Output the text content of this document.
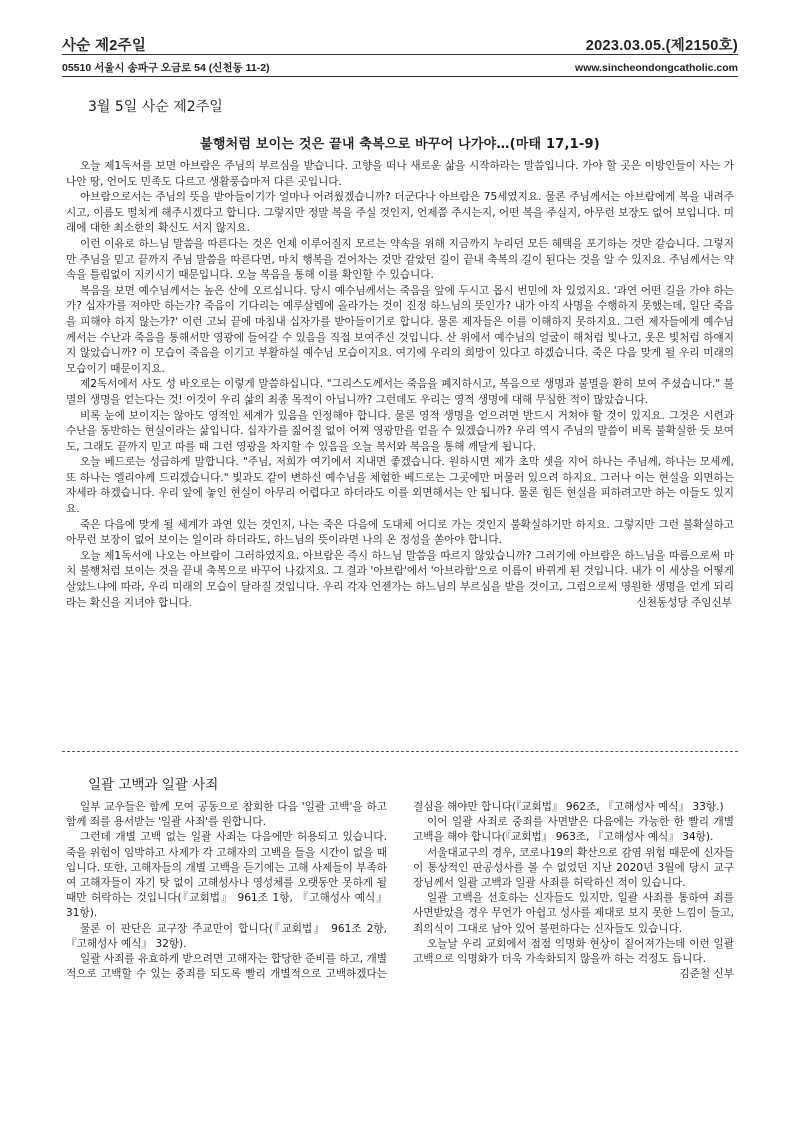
사순 제2주일	2023.03.05.(제2150호)
05510 서울시 송파구 오금로 54 (신천동 11-2)	www.sincheondongcatholic.com
3월 5일 사순 제2주일
불행처럼 보이는 것은 끝내 축복으로 바꾸어 나가야…(마태 17,1-9)

오늘 제1독서를 보면 아브람은 주님의 부르심을 받습니다. 고향을 떠나 새로운 삶을 시작하라는 말씀입니다. 가야 할 곳은 이방인들이 사는 가나안 땅, 언어도 민족도 다르고 생활풍습마저 다른 곳입니다.

아브람으로서는 주님의 뜻을 받아들이기가 얼마나 어려웠겠습니까? 더군다나 아브람은 75세였지요. 물론 주님께서는 아브람에게 복을 내려주시고, 이름도 떨치게 해주시겠다고 합니다. 그렇지만 정말 복을 주실 것인지, 언제쯤 주시는지, 어떤 복을 주실지, 아무런 보장도 없어 보입니다. 미래에 대한 최소한의 확신도 서지 않지요.

이런 이유로 하느님 말씀을 따른다는 것은 언제 이루어질지 모르는 약속을 위해 지금까지 누리던 모든 혜택을 포기하는 것만 같습니다. 그렇지만 주님을 믿고 끝까지 주님 말씀을 따른다면, 마치 행복을 걷어차는 것만 같았던 길이 끝내 축복의 길이 된다는 것을 알 수 있지요. 주님께서는 약속을 틀림없이 지키시기 때문입니다. 오늘 복음을 통해 이를 확인할 수 있습니다.

복음을 보면 예수님께서는 높은 산에 오르십니다. 당시 예수님께서는 죽음을 앞에 두시고 몹시 번민에 차 있었지요. '과연 어떤 길을 가야 하는가? 십자가를 져야만 하는가? 죽음이 기다리는 예루살렘에 올라가는 것이 진정 하느님의 뜻인가? 내가 아직 사명을 수행하지 못했는데, 일단 죽음을 피해야 하지 않는가?' 이런 고뇌 끝에 마침내 십자가를 받아들이기로 합니다. 물론 제자들은 이를 이해하지 못하지요. 그런 제자들에게 예수님께서는 수난과 죽음을 통해서만 영광에 들어갈 수 있음을 직접 보여주신 것입니다. 산 위에서 예수님의 얼굴이 해처럼 빛나고, 옷은 빛처럼 하얘지지 않았습니까? 이 모습이 죽음을 이기고 부활하실 예수님 모습이지요. 여기에 우리의 희망이 있다고 하겠습니다. 죽은 다음 맞게 될 우리 미래의 모습이기 때문이지요.

제2독서에서 사도 성 바오로는 이렇게 말씀하십니다. "그리스도께서는 죽음을 폐지하시고, 복음으로 생명과 불멸을 환히 보여 주셨습니다." 불멸의 생명을 얻는다는 것! 이것이 우리 삶의 최종 목적이 아닙니까? 그런데도 우리는 영적 생명에 대해 무심한 적이 많았습니다.

비록 눈에 보이지는 않아도 영적인 세계가 있음을 인정해야 합니다. 물론 영적 생명을 얻으려면 반드시 거쳐야 할 것이 있지요. 그것은 시련과 수난을 동반하는 현실이라는 삶입니다. 십자가를 짊어질 없이 어찌 영광만을 얻을 수 있겠습니까? 우리 역시 주님의 말씀이 비록 불확실한 듯 보여도, 그래도 끝까지 믿고 따를 때 그런 영광을 차지할 수 있음을 오늘 복서와 복음을 통해 깨달게 됩니다.

오늘 베드로는 성급하게 말합니다. "주님, 저희가 여기에서 지내면 좋겠습니다. 원하시면 제가 초막 셋을 지어 하나는 주님께, 하나는 모세께, 또 하나는 엘리야께 드리겠습니다." 빛과도 같이 변하신 예수님을 체험한 베드로는 그곳에만 머물러 있으려 하지요. 그러나 이는 현실을 외면하는 자세라 하겠습니다. 우리 앞에 놓인 현실이 아무리 어렵다고 하더라도 이를 외면해서는 안 됩니다. 물론 힘든 현실을 피하려고만 하는 이들도 있지요.

죽은 다음에 맞게 될 세계가 과연 있는 것인지, 나는 죽은 다음에 도대체 어디로 가는 것인지 불확실하기만 하지요. 그렇지만 그런 불확실하고 아무런 보장이 없어 보이는 일이라 하더라도, 하느님의 뜻이라면 나의 온 정성을 쏟아야 합니다.

오늘 제1독서에 나오는 아브람이 그러하였지요. 아브람은 즉시 하느님 말씀을 따르지 않았습니까? 그러기에 아브람은 하느님을 따름으로써 마치 불행처럼 보이는 것을 끝내 축복으로 바꾸어 나갔지요. 그 결과 '아브람'에서 '아브라함'으로 이름이 바뀌게 된 것입니다. 내가 이 세상을 어떻게 살았느냐에 따라, 우리 미래의 모습이 달라질 것입니다. 우리 각자 언젠가는 하느님의 부르심을 받을 것이고, 그럼으로써 영원한 생명을 얻게 되리라는 확신을 지녀야 합니다.	신천동성당 주임신부

일괄 고백과 일괄 사죄

일부 교우들은 함께 모여 공동으로 참회한 다음 '일괄 고백'을 하고 함께 죄를 용서받는 '일괄 사죄'를 원합니다.

그런데 개별 고백 없는 일괄 사죄는 다음에만 허용되고 있습니다. 죽을 위험이 임박하고 사제가 각 고해자의 고백을 들을 시간이 없을 때입니다. 또한, 고해자들의 개별 고백을 듣기에는 고해 사제들이 부족하여 고해자들이 자기 탓 없이 고해성사나 영성체를 오랫동안 못하게 될 때만 허락하는 것입니다(『교회법』 961조 1항, 『고해성사 예식』 31항).

물론 이 판단은 교구장 주교만이 합니다(『교회법』 961조 2항, 『고해성사 예식』 32항).

일괄 사죄를 유효하게 받으려면 고해자는 합당한 준비를 하고, 개별적으로 고백할 수 있는 중죄를 되도록 빨리 개별적으로 고백하겠다는 결심을 해야만 합니다(『교회법』 962조, 『고해성사 예식』 33항.)

이어 일괄 사죄로 중죄를 사면받은 다음에는 가능한 한 빨리 개별 고백을 해야 합니다(『교회법』 963조, 『고해성사 예식』 34항).

서울대교구의 경우, 코로나19의 확산으로 감염 위험 때문에 신자들이 통상적인 판공성사를 볼 수 없었던 지난 2020년 3월에 당시 교구장님께서 일괄 고백과 일괄 사죄를 허락하신 적이 있습니다.

일괄 고백을 선호하는 신자들도 있지만, 일괄 사죄를 통하여 죄를 사면받았을 경우 무언가 아쉽고 성사를 제대로 보지 못한 느낌이 들고, 죄의식이 그대로 남아 있어 불편하다는 신자들도 있습니다.

오늘날 우리 교회에서 점점 익명화 현상이 짙어져가는데 이런 일괄 고백으로 익명화가 더욱 가속화되지 않을까 하는 걱정도 듭니다.

김준철 신부
